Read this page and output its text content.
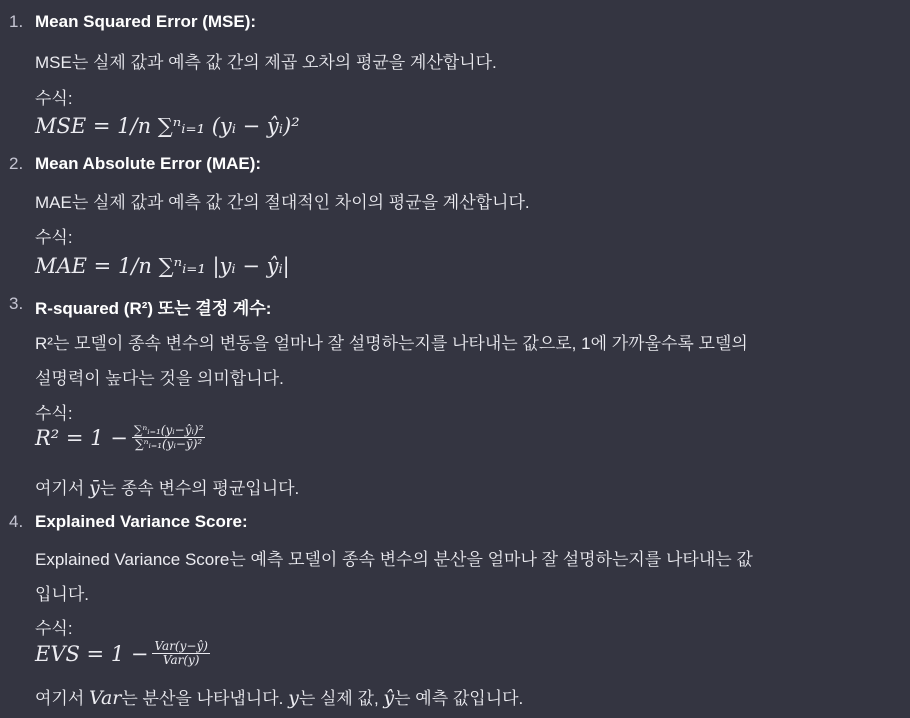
1. Mean Squared Error (MSE):
MSE는 실제 값과 예측 값 간의 제곱 오차의 평균을 계산합니다.
수식:
MSE = 1/n ∑ⁿᵢ₌₁ (yᵢ − ŷᵢ)²
2. Mean Absolute Error (MAE):
MAE는 실제 값과 예측 값 간의 절대적인 차이의 평균을 계산합니다.
수식:
MAE = 1/n ∑ⁿᵢ₌₁ |yᵢ − ŷᵢ|
3. R-squared (R²) 또는 결정 계수:
R²는 모델이 종속 변수의 변동을 얼마나 잘 설명하는지를 나타내는 값으로, 1에 가까울수록 모델의
설명력이 높다는 것을 의미합니다.
수식:
$R^2 = 1 - \frac{\text{∑ⁿᵢ₌₁(yᵢ−ŷᵢ)²}}{\text{∑ⁿᵢ₌₁(yᵢ−ȳ)²}}$
여기서 ȳ는 종속 변수의 평균입니다.
4. Explained Variance Score:
Explained Variance Score는 예측 모델이 종속 변수의 분산을 얼마나 잘 설명하는지를 나타내는 값
입니다.
수식:
EVS = $1 - \frac{\text{Var(y−ŷ)}}{\text{Var(y)}}$
여기서 Var는 분산을 나타냅니다. y는 실제 값, ŷ는 예측 값입니다.
